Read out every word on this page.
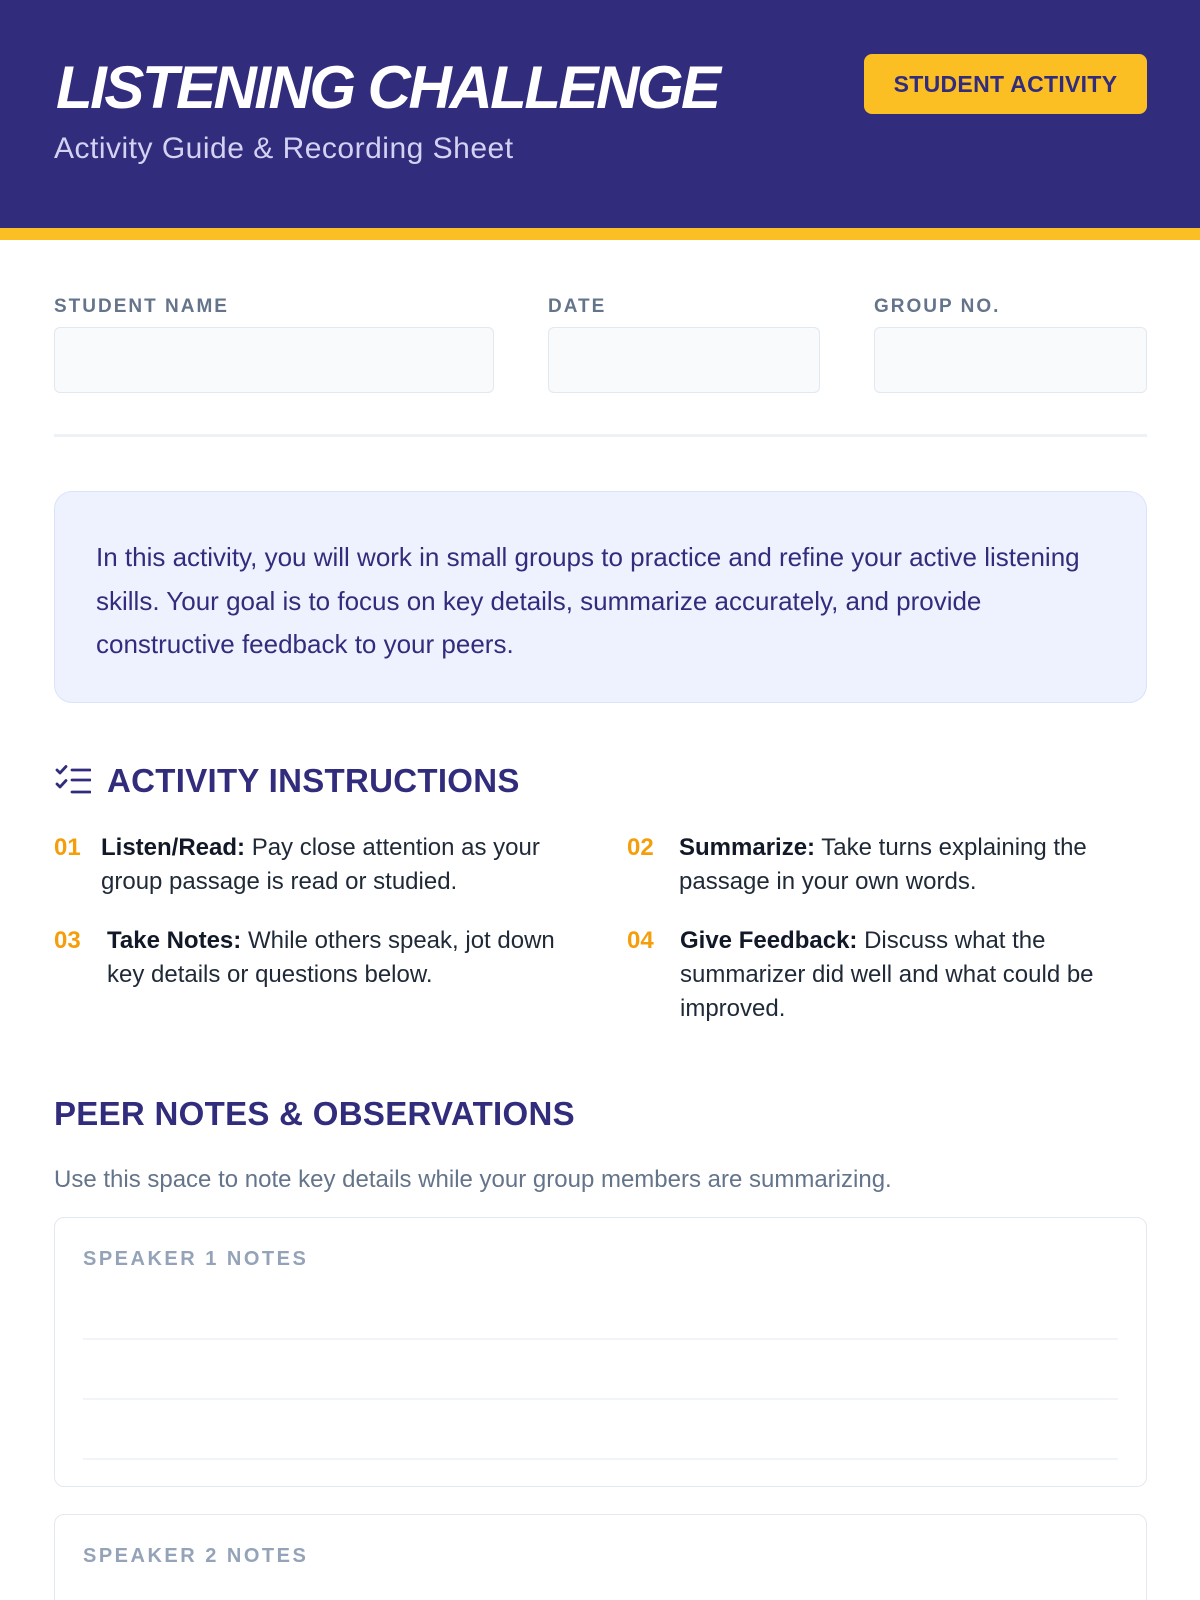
LISTENING CHALLENGE
Activity Guide & Recording Sheet
STUDENT ACTIVITY
STUDENT NAME	DATE	GROUP NO.
In this activity, you will work in small groups to practice and refine your active listening skills. Your goal is to focus on key details, summarize accurately, and provide constructive feedback to your peers.
ACTIVITY INSTRUCTIONS
01 Listen/Read: Pay close attention as your group passage is read or studied.
02	Summarize: Take turns explaining the passage in your own words.
03	Take Notes: While others speak, jot down key details or questions below.
04	Give Feedback: Discuss what the summarizer did well and what could be improved.
PEER NOTES & OBSERVATIONS
Use this space to note key details while your group members are summarizing.
SPEAKER 1 NOTES
SPEAKER 2 NOTES
